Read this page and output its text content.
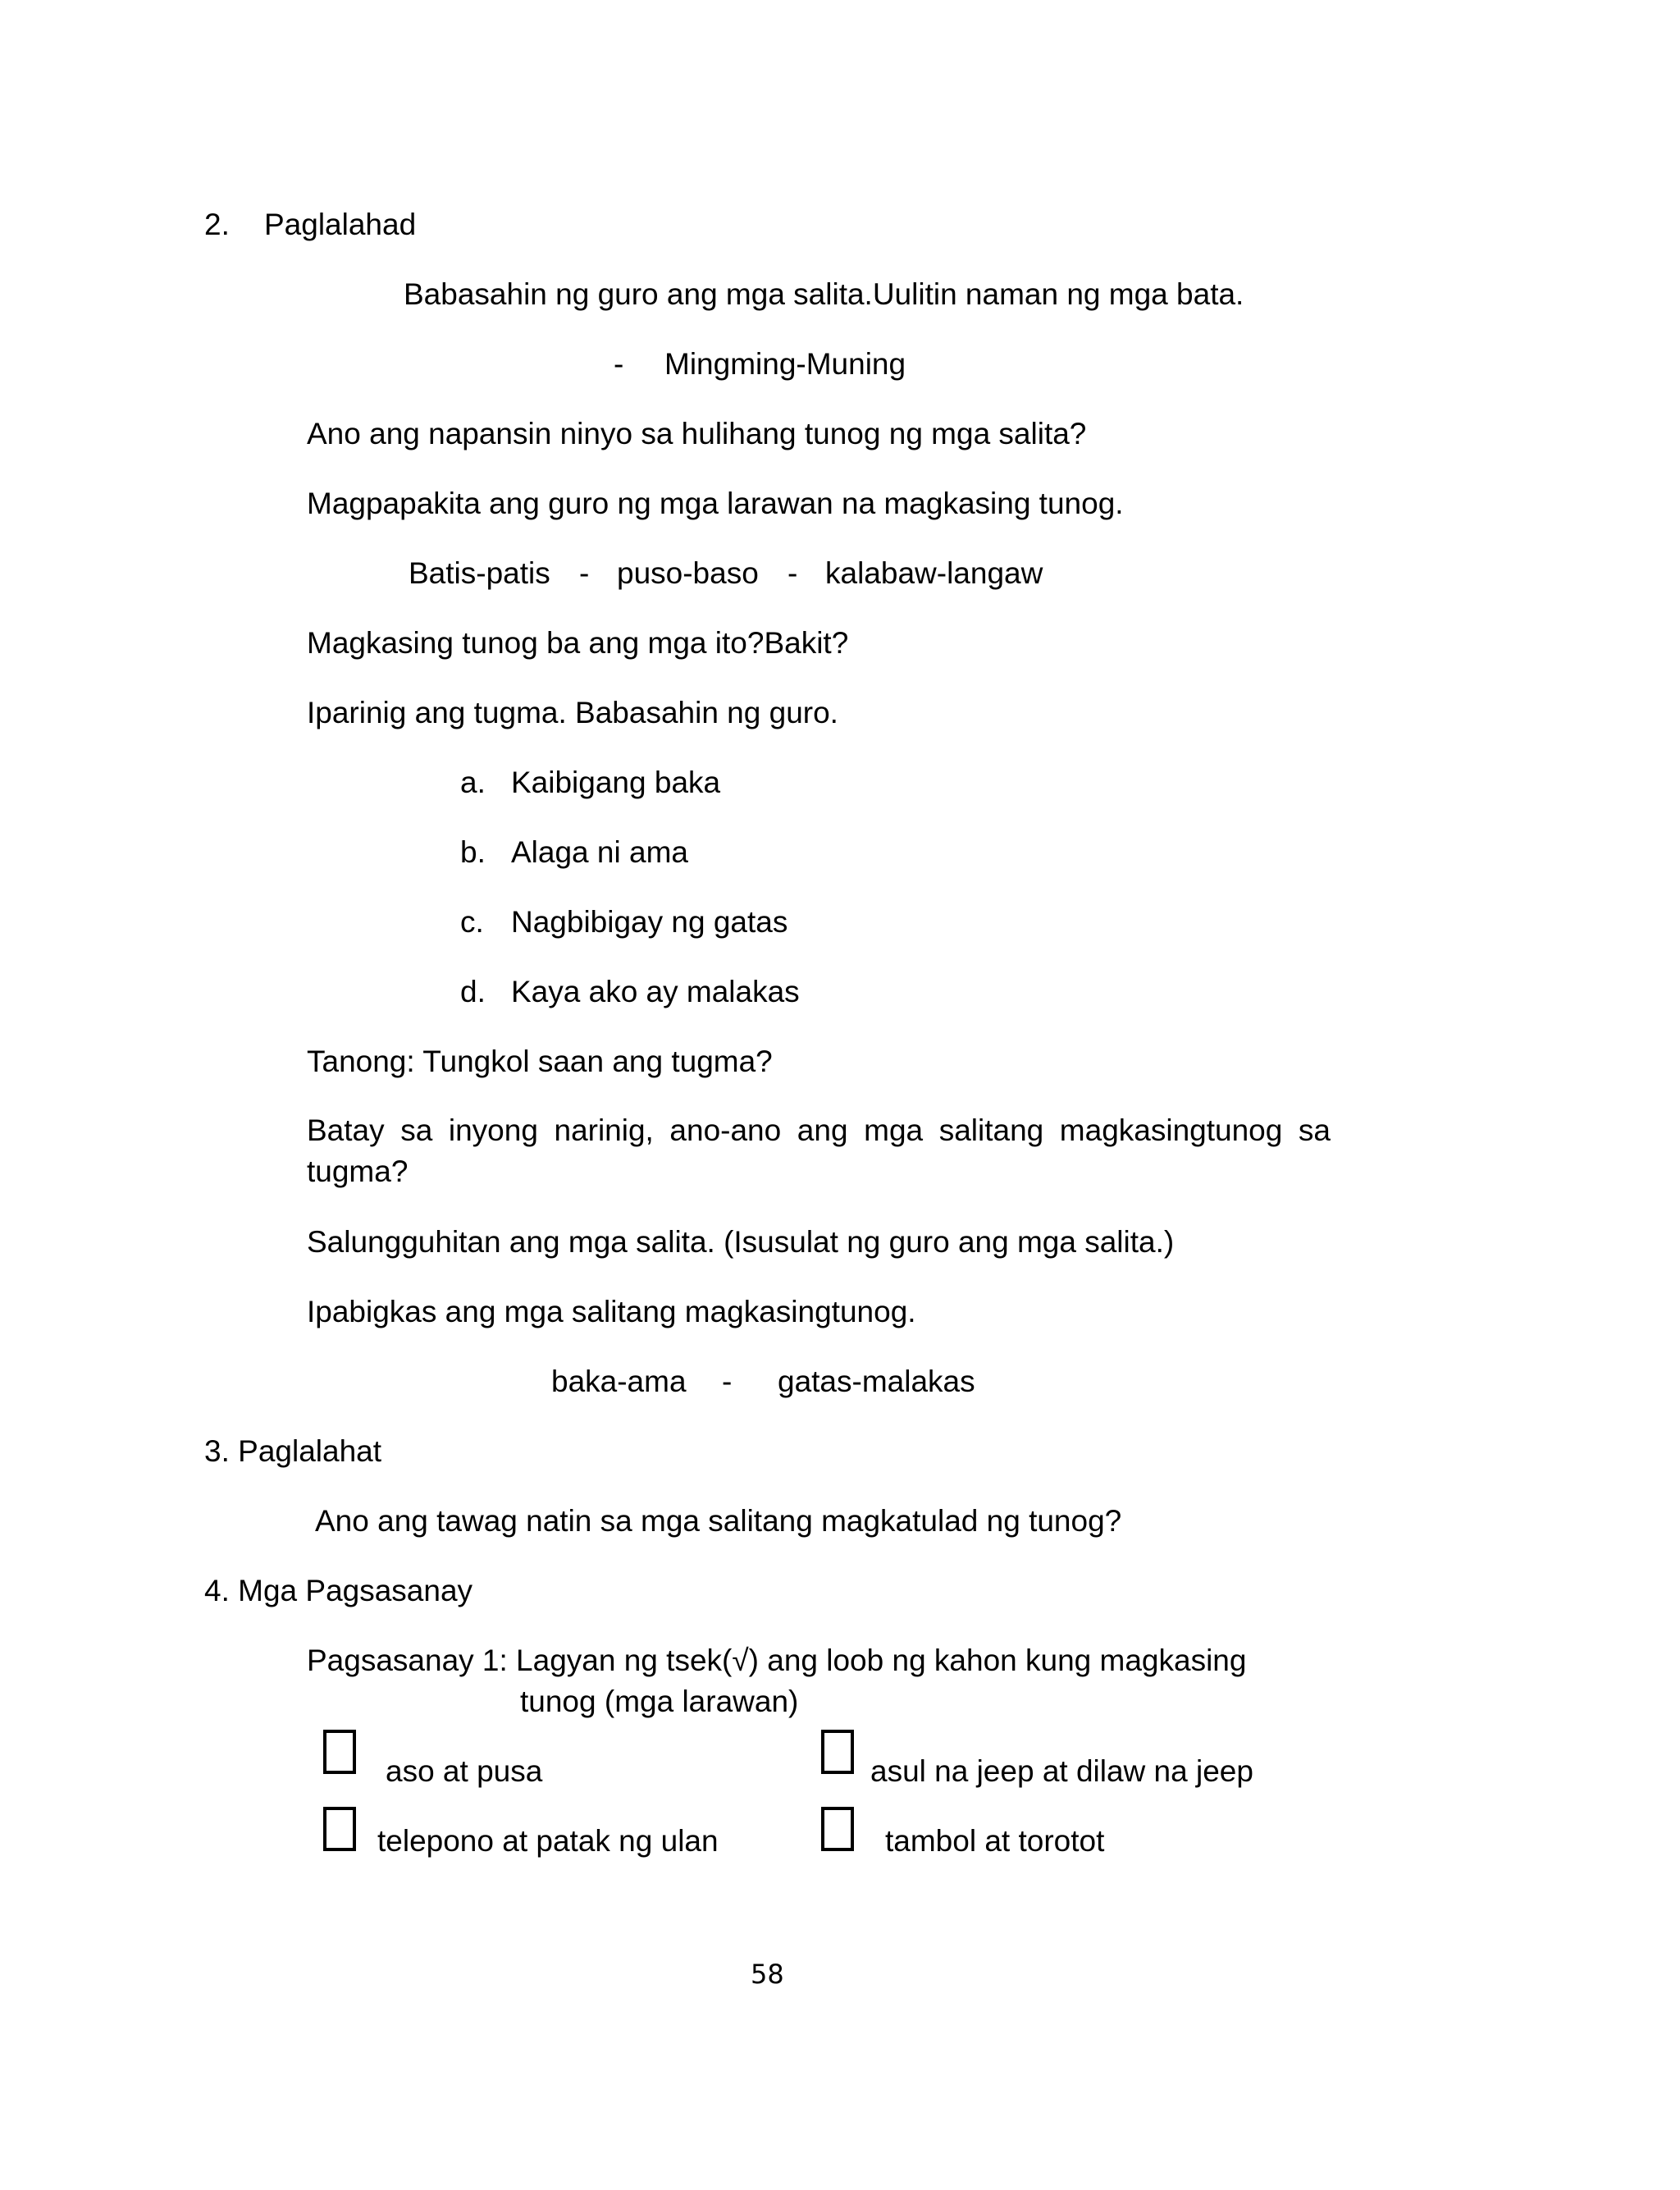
2. Paglalahad
Babasahin ng guro ang mga salita.Uulitin naman ng mga bata.
- Mingming-Muning
Ano ang napansin ninyo sa hulihang tunog ng mga salita?
Magpapakita ang guro ng mga larawan na magkasing tunog.
Batis-patis - puso-baso - kalabaw-langaw
Magkasing tunog ba ang mga ito?Bakit?
Iparinig ang tugma. Babasahin ng guro.
a. Kaibigang baka
b. Alaga ni ama
c. Nagbibigay ng gatas
d. Kaya ako ay malakas
Tanong: Tungkol saan ang tugma?
Batay sa inyong narinig, ano-ano ang mga salitang magkasingtunog sa tugma?
Salungguhitan ang mga salita. (Isusulat ng guro ang mga salita.)
Ipabigkas ang mga salitang magkasingtunog.
baka-ama - gatas-malakas
3. Paglalahat
Ano ang tawag natin sa mga salitang magkatulad ng tunog?
4. Mga Pagsasanay
Pagsasanay 1: Lagyan ng tsek(√) ang loob ng kahon kung magkasing
tunog (mga larawan)
aso at pusa	asul na jeep at dilaw na jeep
telepono at patak ng ulan	tambol at torotot
58
